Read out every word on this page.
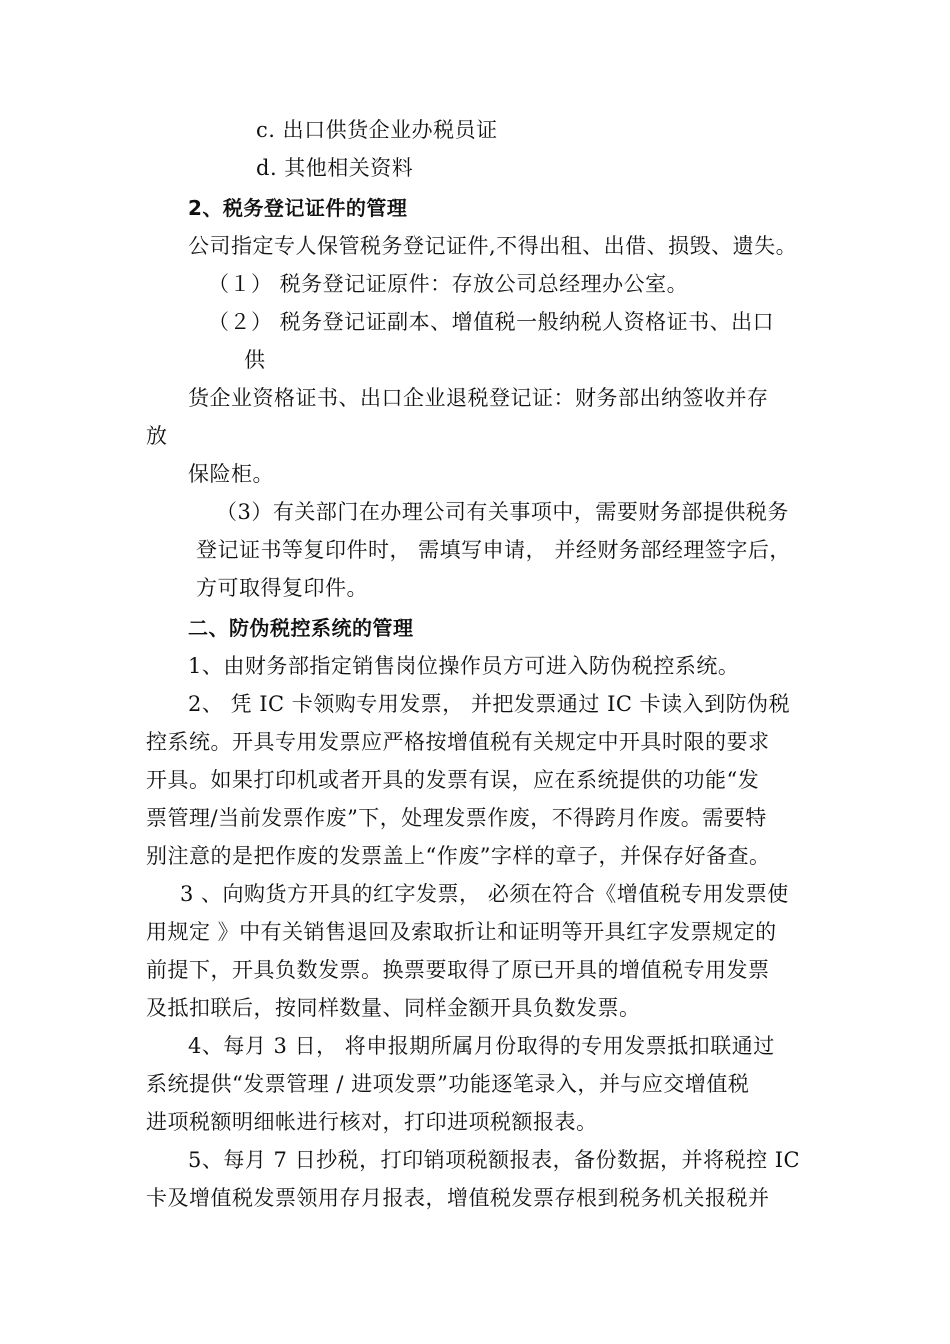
c. 出口供货企业办税员证
d. 其他相关资料
2、税务登记证件的管理
公司指定专人保管税务登记证件,不得出租、出借、损毁、遗失。
（１） 税务登记证原件：存放公司总经理办公室。
（２） 税务登记证副本、增值税一般纳税人资格证书、出口
供
货企业资格证书、出口企业退税登记证：财务部出纳签收并存
放
保险柜。
（3）有关部门在办理公司有关事项中，需要财务部提供税务
登记证书等复印件时， 需填写申请， 并经财务部经理签字后，
方可取得复印件。
二、防伪税控系统的管理
1、由财务部指定销售岗位操作员方可进入防伪税控系统。
2、 凭 IC 卡领购专用发票， 并把发票通过 IC 卡读入到防伪税
控系统。开具专用发票应严格按增值税有关规定中开具时限的要求
开具。如果打印机或者开具的发票有误，应在系统提供的功能“发
票管理/当前发票作废”下，处理发票作废，不得跨月作废。需要特
别注意的是把作废的发票盖上“作废”字样的章子，并保存好备查。
3 、向购货方开具的红字发票， 必须在符合《增值税专用发票使
用规定 》中有关销售退回及索取折让和证明等开具红字发票规定的
前提下，开具负数发票。换票要取得了原已开具的增值税专用发票
及抵扣联后，按同样数量、同样金额开具负数发票。
4、每月 3 日， 将申报期所属月份取得的专用发票抵扣联通过
系统提供“发票管理 / 进项发票”功能逐笔录入，并与应交增值税
进项税额明细帐进行核对，打印进项税额报表。
5、每月 7 日抄税，打印销项税额报表，备份数据，并将税控 IC
卡及增值税发票领用存月报表，增值税发票存根到税务机关报税并
